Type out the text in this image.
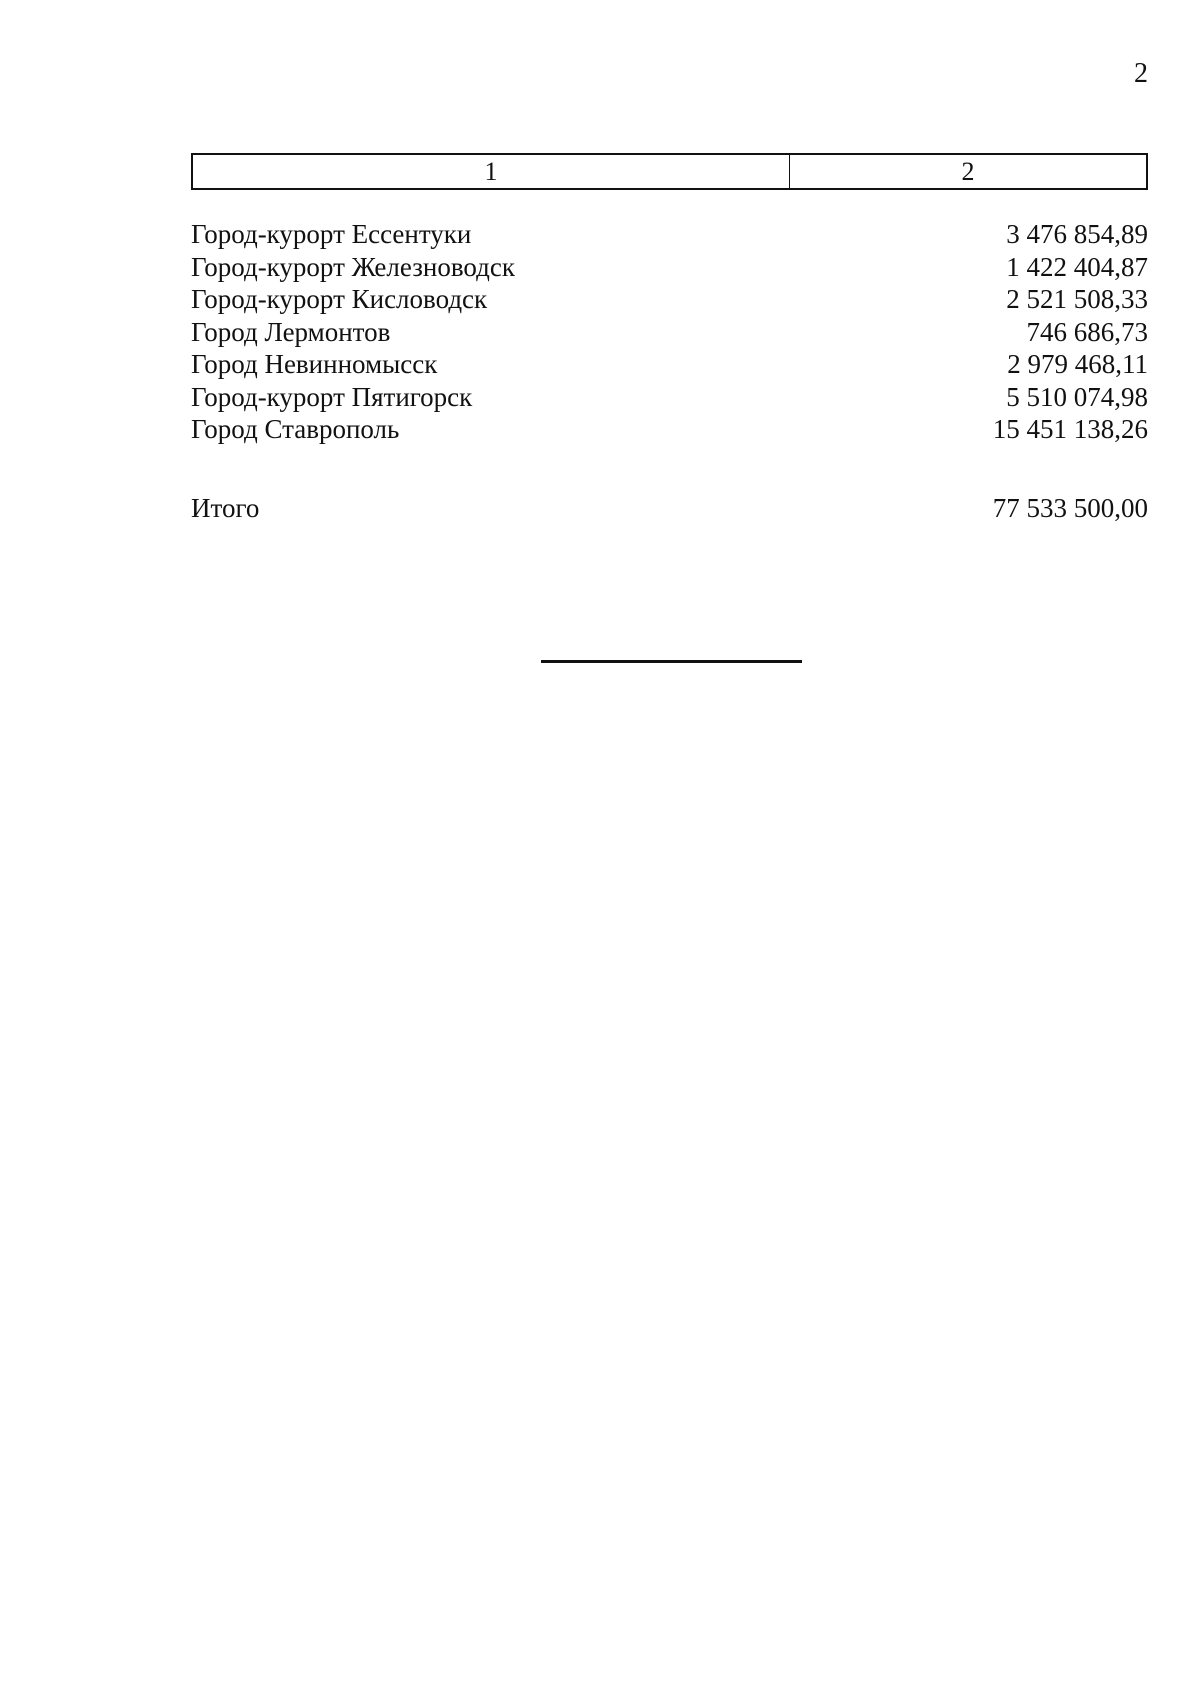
2
1	2
Город-курорт Ессентуки	3 476 854,89
Город-курорт Железноводск	1 422 404,87
Город-курорт Кисловодск	2 521 508,33
Город Лермонтов	746 686,73
Город Невинномысск	2 979 468,11
Город-курорт Пятигорск	5 510 074,98
Город Ставрополь	15 451 138,26
Итого	77 533 500,00
